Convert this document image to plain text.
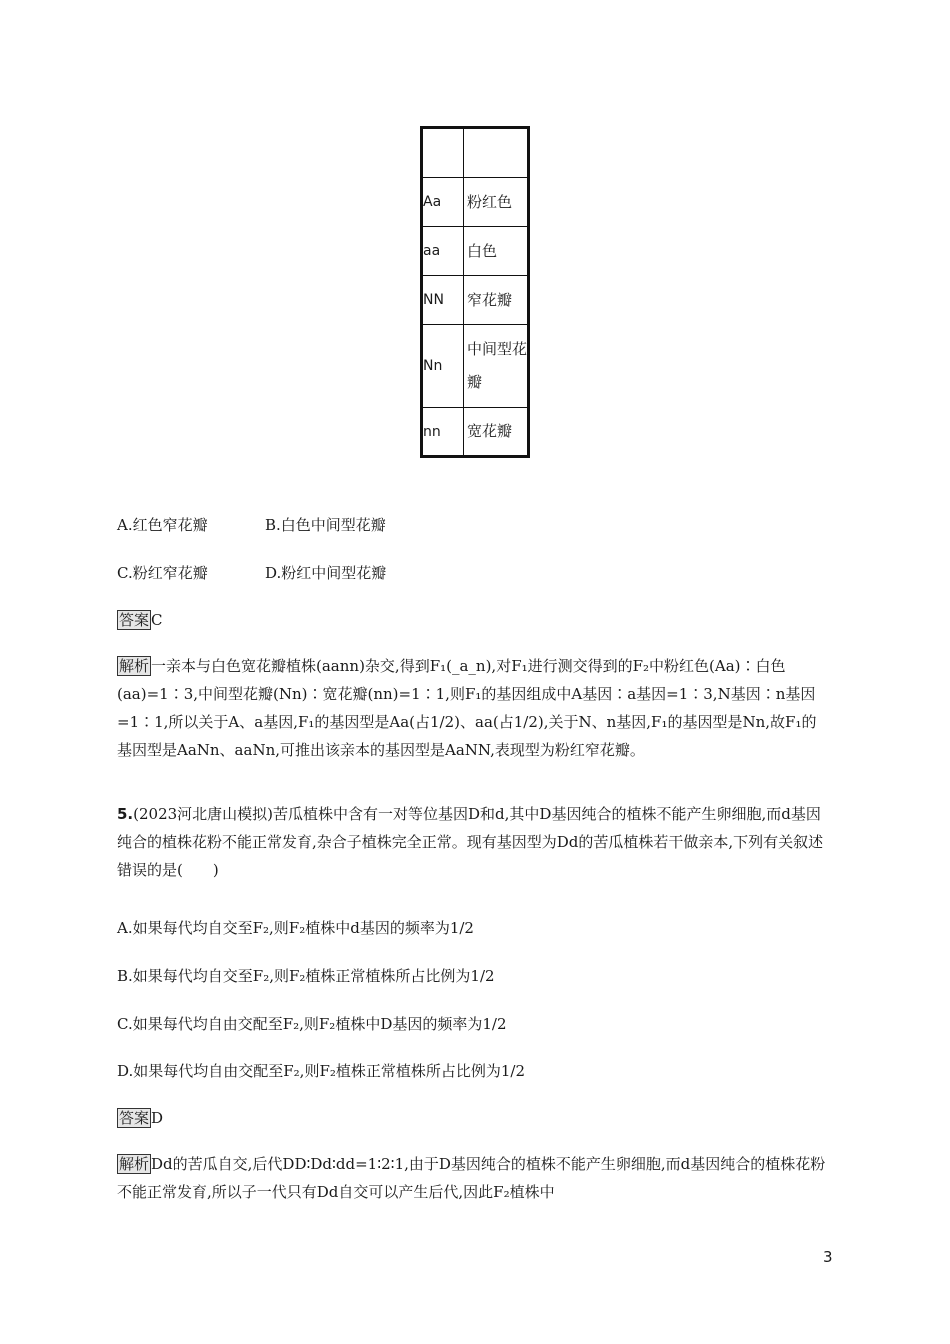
Aa	粉红色
aa	白色
NN	窄花瓣
Nn	中间型花瓣
nn	宽花瓣
A.红色窄花瓣	B.白色中间型花瓣
C.粉红窄花瓣	D.粉红中间型花瓣
答案 C
解析 一亲本与白色宽花瓣植株(aann)杂交,得到F₁(_a_n),对F₁进行测交得到的F₂中粉红色(Aa)∶白色(aa)=1∶3,中间型花瓣(Nn)∶宽花瓣(nn)=1∶1,则F₁的基因组成中A基因∶a基因=1∶3,N基因∶n基因=1∶1,所以关于A、a基因,F₁的基因型是Aa(占1/2)、aa(占1/2),关于N、n基因,F₁的基因型是Nn,故F₁的基因型是AaNn、aaNn,可推出该亲本的基因型是AaNN,表现型为粉红窄花瓣。
5.(2023河北唐山模拟)苦瓜植株中含有一对等位基因D和d,其中D基因纯合的植株不能产生卵细胞,而d基因纯合的植株花粉不能正常发育,杂合子植株完全正常。现有基因型为Dd的苦瓜植株若干做亲本,下列有关叙述错误的是(　　)
A.如果每代均自交至F₂,则F₂植株中d基因的频率为1/2
B.如果每代均自交至F₂,则F₂植株正常植株所占比例为1/2
C.如果每代均自由交配至F₂,则F₂植株中D基因的频率为1/2
D.如果每代均自由交配至F₂,则F₂植株正常植株所占比例为1/2
答案 D
解析 Dd的苦瓜自交,后代DD∶Dd∶dd=1∶2∶1,由于D基因纯合的植株不能产生卵细胞,而d基因纯合的植株花粉不能正常发育,所以子一代只有Dd自交可以产生后代,因此F₂植株中
3
